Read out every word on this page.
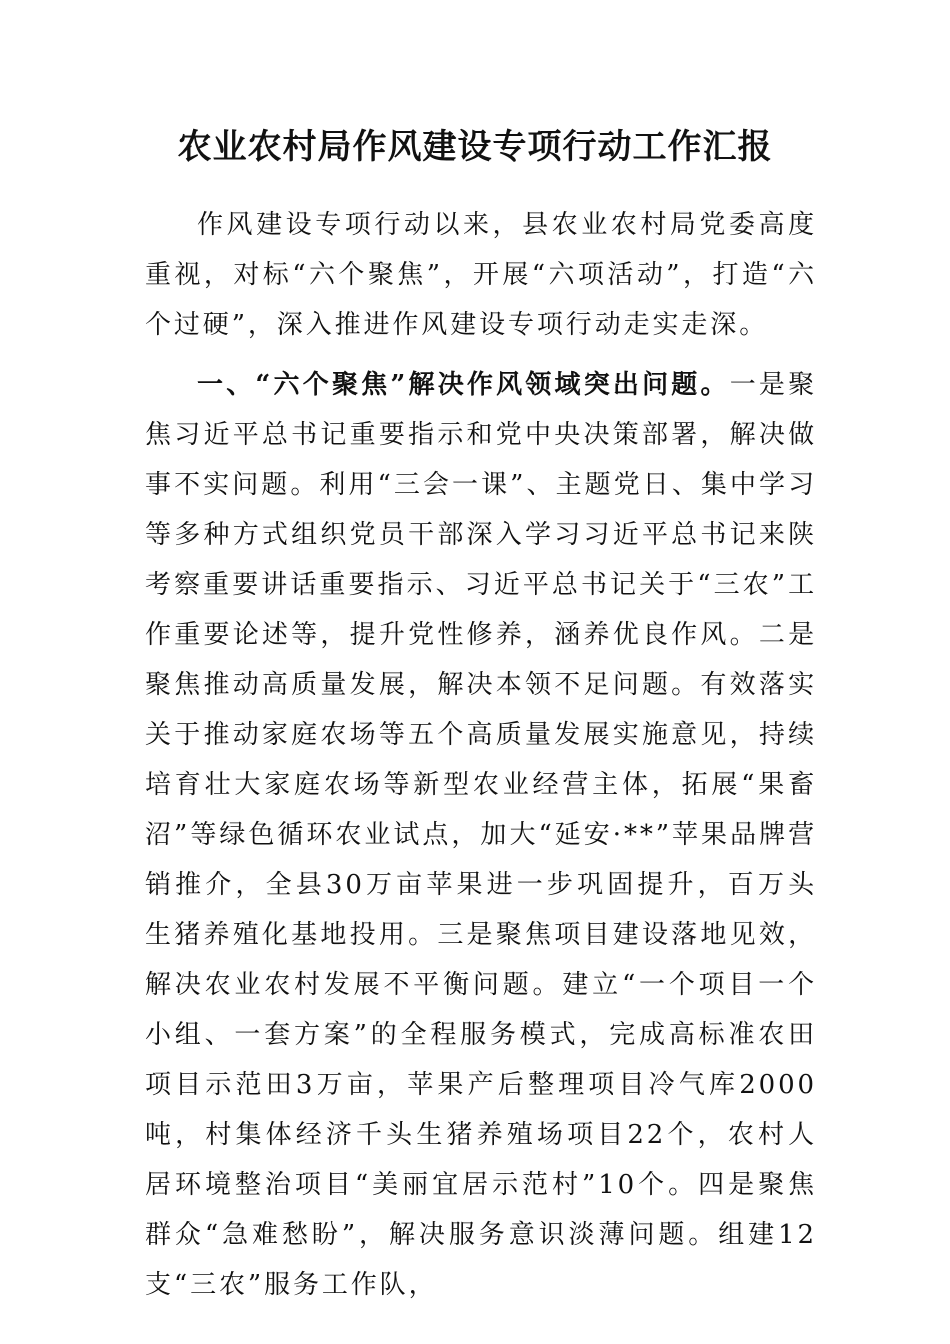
农业农村局作风建设专项行动工作汇报

作风建设专项行动以来，县农业农村局党委高度重视，对标“六个聚焦”，开展“六项活动”，打造“六个过硬”，深入推进作风建设专项行动走实走深。

一、“六个聚焦”解决作风领域突出问题。一是聚焦习近平总书记重要指示和党中央决策部署，解决做事不实问题。利用“三会一课”、主题党日、集中学习等多种方式组织党员干部深入学习习近平总书记来陕考察重要讲话重要指示、习近平总书记关于“三农”工作重要论述等，提升党性修养，涵养优良作风。二是聚焦推动高质量发展，解决本领不足问题。有效落实关于推动家庭农场等五个高质量发展实施意见，持续培育壮大家庭农场等新型农业经营主体，拓展“果畜沼”等绿色循环农业试点，加大“延安·**”苹果品牌营销推介，全县30万亩苹果进一步巩固提升，百万头生猪养殖化基地投用。三是聚焦项目建设落地见效，解决农业农村发展不平衡问题。建立“一个项目一个小组、一套方案”的全程服务模式，完成高标准农田项目示范田3万亩，苹果产后整理项目冷气库2000吨，村集体经济千头生猪养殖场项目22个，农村人居环境整治项目“美丽宜居示范村”10个。四是聚焦群众“急难愁盼”，解决服务意识淡薄问题。组建12支“三农”服务工作队，
